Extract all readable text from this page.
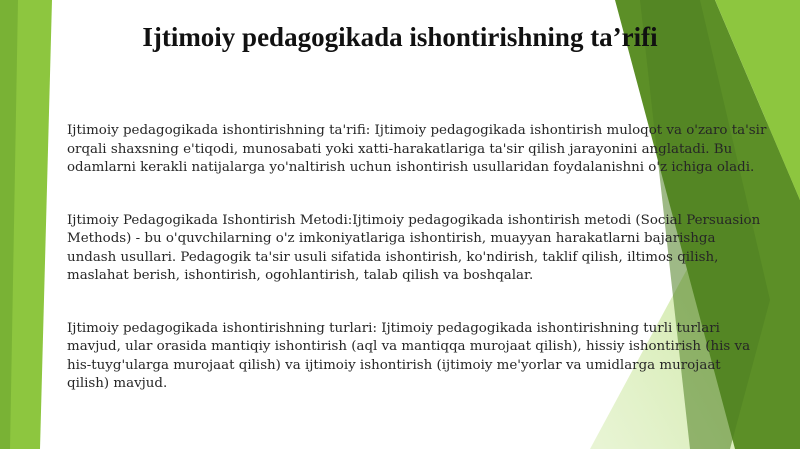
Ijtimoiy pedagogikada ishontirishning ta’rifi

Ijtimoiy pedagogikada ishontirishning ta'rifi: Ijtimoiy pedagogikada ishontirish muloqot va o'zaro ta'sir orqali shaxsning e'tiqodi, munosabati yoki xatti-harakatlariga ta'sir qilish jarayonini anglatadi. Bu odamlarni kerakli natijalarga yo'naltirish uchun ishontirish usullaridan foydalanishni o'z ichiga oladi.

Ijtimoiy Pedagogikada Ishontirish Metodi:Ijtimoiy pedagogikada ishontirish metodi (Social Persuasion Methods) - bu o'quvchilarning o'z imkoniyatlariga ishontirish, muayyan harakatlarni bajarishga undash usullari. Pedagogik ta'sir usuli sifatida ishontirish, ko'ndirish, taklif qilish, iltimos qilish, maslahat berish, ishontirish, ogohlantirish, talab qilish va boshqalar.

Ijtimoiy pedagogikada ishontirishning turlari: Ijtimoiy pedagogikada ishontirishning turli turlari mavjud, ular orasida mantiqiy ishontirish (aql va mantiqqa murojaat qilish), hissiy ishontirish (his va his-tuyg'ularga murojaat qilish) va ijtimoiy ishontirish (ijtimoiy me'yorlar va umidlarga murojaat qilish) mavjud.
